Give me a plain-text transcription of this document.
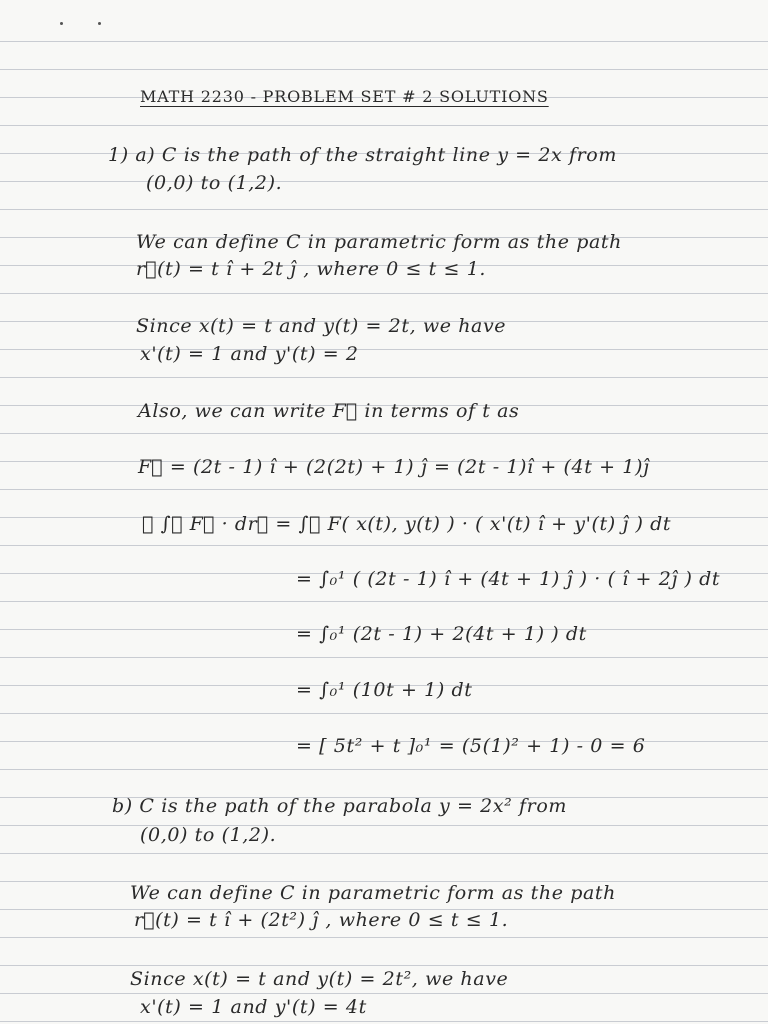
MATH 2230 - PROBLEM SET # 2 SOLUTIONS

1) a) C is the path of the straight line y = 2x from

(0,0) to (1,2).

We can define C in parametric form as the path

r⃗(t) = t î + 2t ĵ , where 0 ≤ t ≤ 1.

Since x(t) = t and y(t) = 2t, we have

x'(t) = 1 and y'(t) = 2

Also, we can write F⃗ in terms of t as

F⃗ = (2t - 1) î + (2(2t) + 1) ĵ = (2t - 1)î + (4t + 1)ĵ

∴ ∫꜀ F⃗ · dr⃗ = ∫꜀ F( x(t), y(t) ) · ( x'(t) î + y'(t) ĵ ) dt

= ∫₀¹ ( (2t - 1) î + (4t + 1) ĵ ) · ( î + 2ĵ ) dt

= ∫₀¹ (2t - 1) + 2(4t + 1) ) dt

= ∫₀¹ (10t + 1) dt

= [ 5t² + t ]₀¹ = (5(1)² + 1) - 0 = 6

b) C is the path of the parabola y = 2x² from

(0,0) to (1,2).

We can define C in parametric form as the path

r⃗(t) = t î + (2t²) ĵ , where 0 ≤ t ≤ 1.

Since x(t) = t and y(t) = 2t², we have

x'(t) = 1 and y'(t) = 4t
